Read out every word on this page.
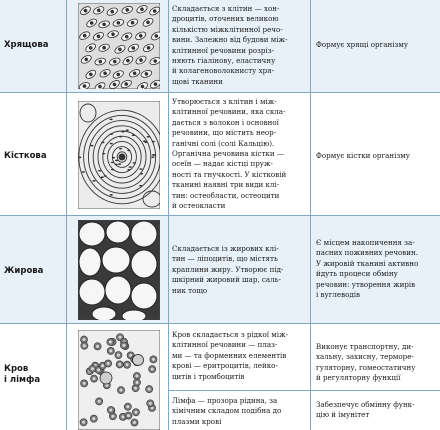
Хрящова
Складається з клітин — хон-
дроцитів, оточених великою
кількістю міжклітинної речо-
вини. Залежно від будови між-
клітинної речовини розріз-
няють гіалінову, еластичну
й колагеноволокнисту хря-
щові тканини
Формує хрящі організму
Кісткова
Утворюється з клітин і між-
клітинної речовини, яка скла-
дається з волокон і основної
речовини, що містить неор-
ганічні солі (солі Кальцію).
Органічна речовина кістки —
осеїн — надає кістці пруж-
ності та гнучкості. У кістковій
тканині наявні три види клі-
тин: остеобласти, остеоцити
й остеокласти
Формує кістки організму
Жирова
Складається із жирових клі-
тин — ліпоцитів, що містять
краплини жиру. Утворює під-
шкірний жировий шар, саль-
ник тощо
Є місцем накопичення за-
пасних поживних речовин.
У жировій тканині активно
йдуть процеси обміну
речовин: утворення жирів
і вуглеводів
Кров
і лімфа
Кров складається з рідкої між-
клітинної речовини — плаз-
ми — та форменних елементів
крові — еритроцитів, лейко-
цитів і тромбоцитів
Виконує транспортну, ди-
хальну, захисну, терморе-
гуляторну, гомеостатичну
й регуляторну функції
Лімфа — прозора рідина, за
хімічним складом подібна до
плазми крові
Забезпечує обмінну функ-
цію й імунітет
